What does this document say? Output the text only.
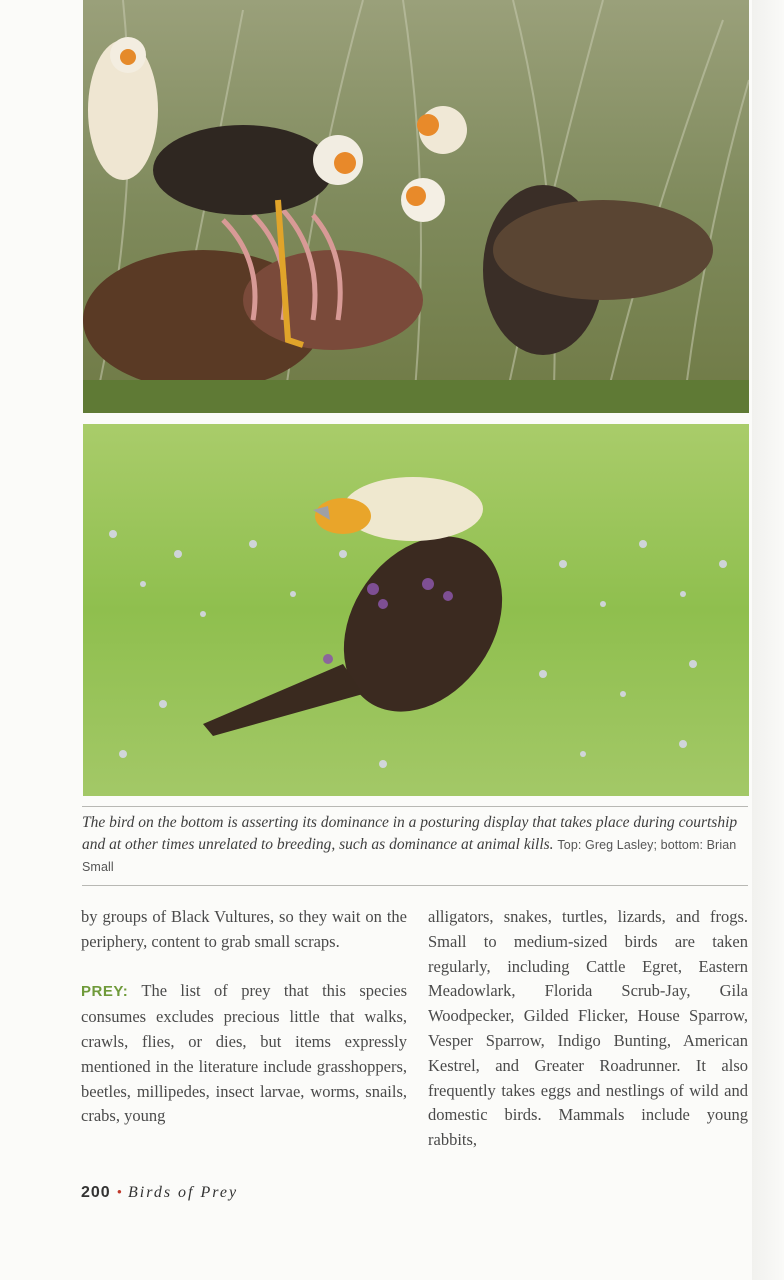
The bird on the bottom is asserting its dominance in a posturing display that takes place during courtship and at other times unrelated to breeding, such as dominance at animal kills. Top: Greg Lasley; bottom: Brian Small

by groups of Black Vultures, so they wait on the periphery, content to grab small scraps.

PREY: The list of prey that this species consumes excludes precious little that walks, crawls, flies, or dies, but items expressly mentioned in the literature include grasshoppers, beetles, millipedes, insect larvae, worms, snails, crabs, young

alligators, snakes, turtles, lizards, and frogs. Small to medium-sized birds are taken regularly, including Cattle Egret, Eastern Meadowlark, Florida Scrub-Jay, Gila Woodpecker, Gilded Flicker, House Sparrow, Vesper Sparrow, Indigo Bunting, American Kestrel, and Greater Roadrunner. It also frequently takes eggs and nestlings of wild and domestic birds. Mammals include young rabbits,

200 • Birds of Prey
